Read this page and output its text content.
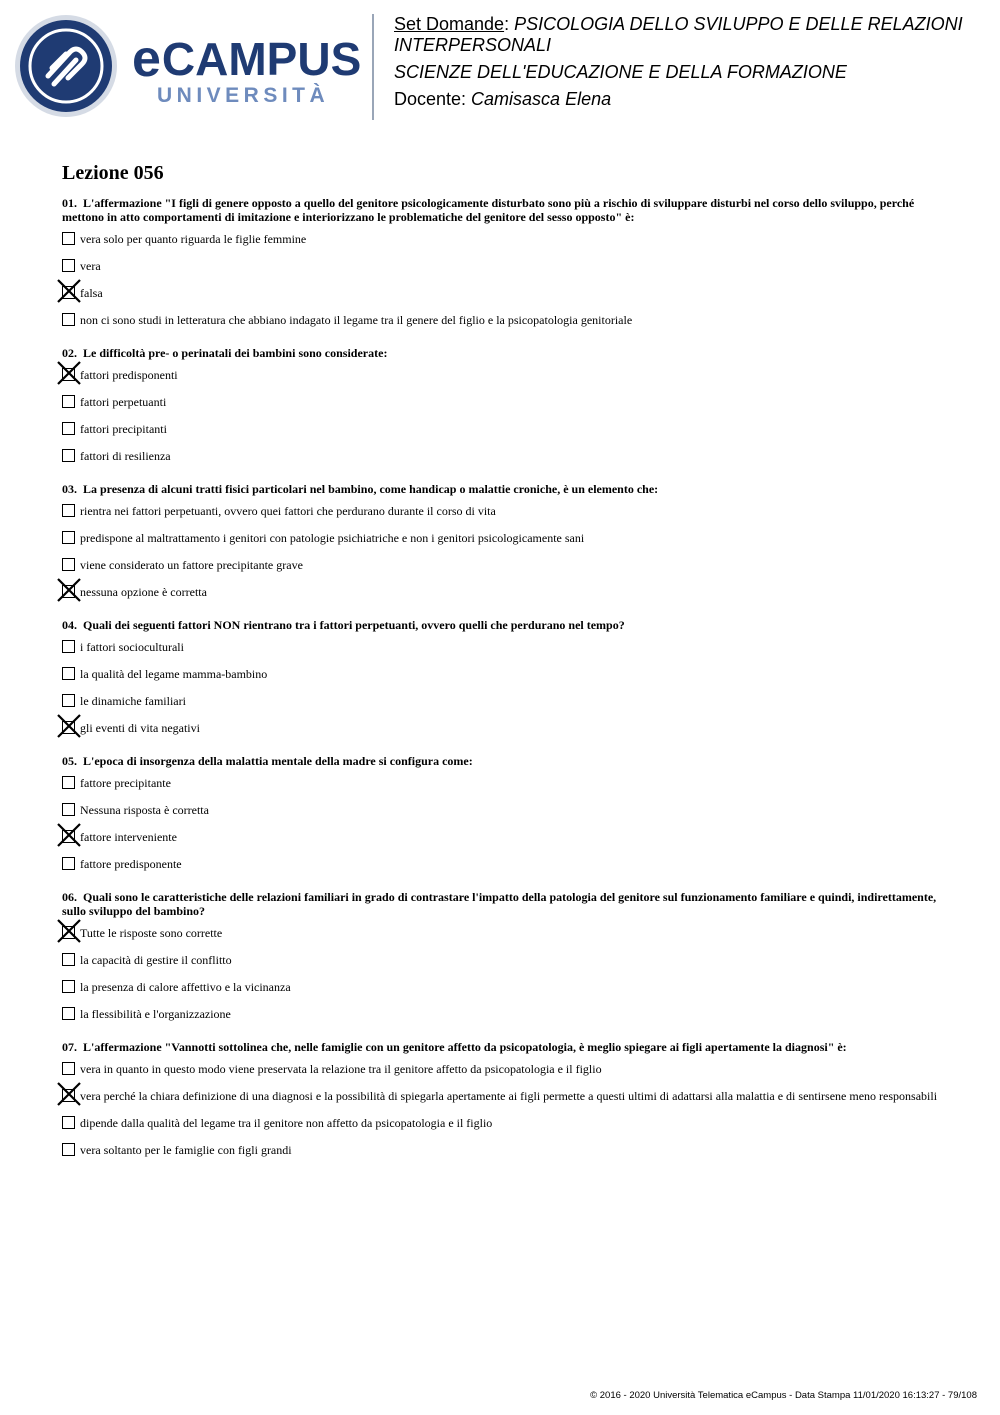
e CAMPUS
UNIVERSITÀ

Set Domande: PSICOLOGIA DELLO SVILUPPO E DELLE RELAZIONI INTERPERSONALI

SCIENZE DELL'EDUCAZIONE E DELLA FORMAZIONE

Docente: Camisasca Elena

Lezione 056
01. L'affermazione "I figli di genere opposto a quello del genitore psicologicamente disturbato sono più a rischio di sviluppare disturbi nel corso dello sviluppo, perché mettono in atto comportamenti di imitazione e interiorizzano le problematiche del genitore del sesso opposto" è:
vera solo per quanto riguarda le figlie femmine
vera
falsa
non ci sono studi in letteratura che abbiano indagato il legame tra il genere del figlio e la psicopatologia genitoriale
02. Le difficoltà pre- o perinatali dei bambini sono considerate:
fattori predisponenti
fattori perpetuanti
fattori precipitanti
fattori di resilienza
03. La presenza di alcuni tratti fisici particolari nel bambino, come handicap o malattie croniche, è un elemento che:
rientra nei fattori perpetuanti, ovvero quei fattori che perdurano durante il corso di vita
predispone al maltrattamento i genitori con patologie psichiatriche e non i genitori psicologicamente sani
viene considerato un fattore precipitante grave
nessuna opzione è corretta
04. Quali dei seguenti fattori NON rientrano tra i fattori perpetuanti, ovvero quelli che perdurano nel tempo?
i fattori socioculturali
la qualità del legame mamma-bambino
le dinamiche familiari
gli eventi di vita negativi
05. L'epoca di insorgenza della malattia mentale della madre si configura come:
fattore precipitante
Nessuna risposta è corretta
fattore interveniente
fattore predisponente
06. Quali sono le caratteristiche delle relazioni familiari in grado di contrastare l'impatto della patologia del genitore sul funzionamento familiare e quindi, indirettamente, sullo sviluppo del bambino?
Tutte le risposte sono corrette
la capacità di gestire il conflitto
la presenza di calore affettivo e la vicinanza
la flessibilità e l'organizzazione
07. L'affermazione "Vannotti sottolinea che, nelle famiglie con un genitore affetto da psicopatologia, è meglio spiegare ai figli apertamente la diagnosi" è:
vera in quanto in questo modo viene preservata la relazione tra il genitore affetto da psicopatologia e il figlio
vera perché la chiara definizione di una diagnosi e la possibilità di spiegarla apertamente ai figli permette a questi ultimi di adattarsi alla malattia e di sentirsene meno responsabili
dipende dalla qualità del legame tra il genitore non affetto da psicopatologia e il figlio
vera soltanto per le famiglie con figli grandi
© 2016 - 2020 Università Telematica eCampus - Data Stampa 11/01/2020 16:13:27 - 79/108
